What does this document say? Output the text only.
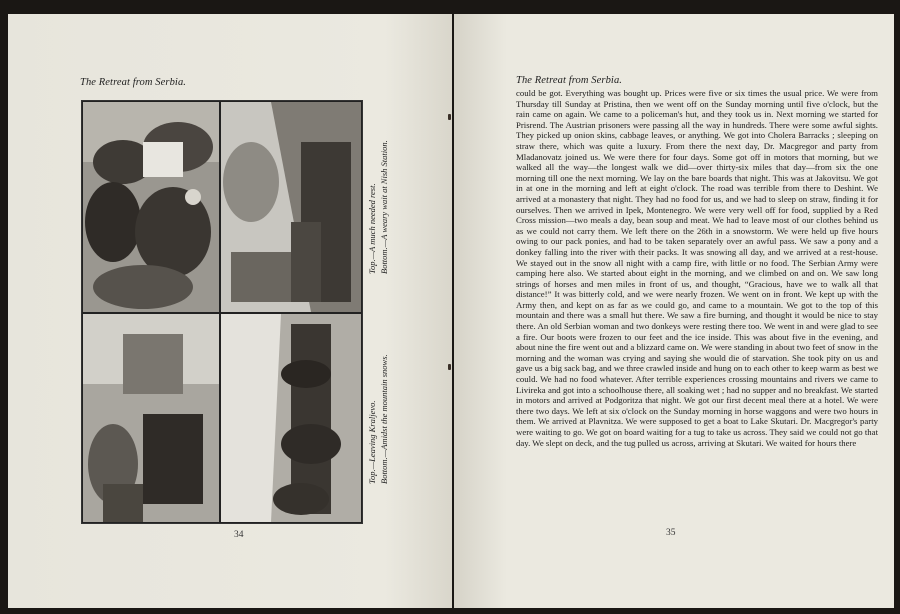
The Retreat from Serbia.
Top.—A much needed rest. Bottom.—A weary wait at Nish Station.
Top.—Leaving Kraljevo. Bottom.—Amidst the mountain snows.
34
The Retreat from Serbia.

could be got. Everything was bought up. Prices were five or six times the usual price. We were from Thursday till Sunday at Pristina, then we went off on the Sunday morning until five o'clock, but the rain came on again. We came to a policeman's hut, and they took us in. Next morning we started for Prisrend. The Austrian prisoners were passing all the way in hundreds. There were some awful sights. They picked up onion skins, cabbage leaves, or anything. We got into Cholera Barracks ; sleeping on straw there, which was quite a luxury. From there the next day, Dr. Macgregor and party from Mladanovatz joined us. We were there for four days. Some got off in motors that morning, but we walked all the way—the longest walk we did—over thirty-six miles that day—from six the one morning till one the next morning. We lay on the bare boards that night. This was at Jakovitsu. We got in at one in the morning and left at eight o'clock. The road was terrible from there to Deshint. We arrived at a monastery that night. They had no food for us, and we had to sleep on straw, finding it for ourselves. Then we arrived in Ipek, Montenegro. We were very well off for food, supplied by a Red Cross mission—two meals a day, bean soup and meat. We had to leave most of our clothes behind us as we could not carry them. We left there on the 26th in a snowstorm. We were held up five hours owing to our pack ponies, and had to be taken separately over an awful pass. We saw a pony and a donkey falling into the river with their packs. It was snowing all day, and we arrived at a rest-house. We stayed out in the snow all night with a camp fire, with little or no food. The Serbian Army were camping here also. We started about eight in the morning, and we climbed on and on. We saw long strings of horses and men miles in front of us, and thought, “Gracious, have we to walk all that distance!” It was bitterly cold, and we were nearly frozen. We went on in front. We kept up with the Army then, and kept on as far as we could go, and came to a mountain. We got to the top of this mountain and there was a small hut there. We saw a fire burning, and thought it would be nice to stay there. An old Serbian woman and two donkeys were resting there too. We went in and were glad to see a fire. Our boots were frozen to our feet and the ice inside. This was about five in the evening, and about nine the fire went out and a blizzard came on. We were standing in about two feet of snow in the morning and the woman was crying and saying she would die of starvation. She took pity on us and gave us a big sack bag, and we three crawled inside and hung on to each other to keep warm as best we could. We had no food whatever. After terrible experiences crossing mountains and rivers we came to Livireka and got into a schoolhouse there, all soaking wet ; had no supper and no breakfast. We started in motors and arrived at Podgoritza that night. We got our first decent meal there at a hotel. We were there two days. We left at six o'clock on the Sunday morning in horse waggons and were two hours in them. We arrived at Plavnitza. We were supposed to get a boat to Lake Skutari. Dr. Macgregor's party were waiting to go. We got on board waiting for a tug to take us across. They said we could not go that day. We slept on deck, and the tug pulled us across, arriving at Skutari. We waited for hours there

35
